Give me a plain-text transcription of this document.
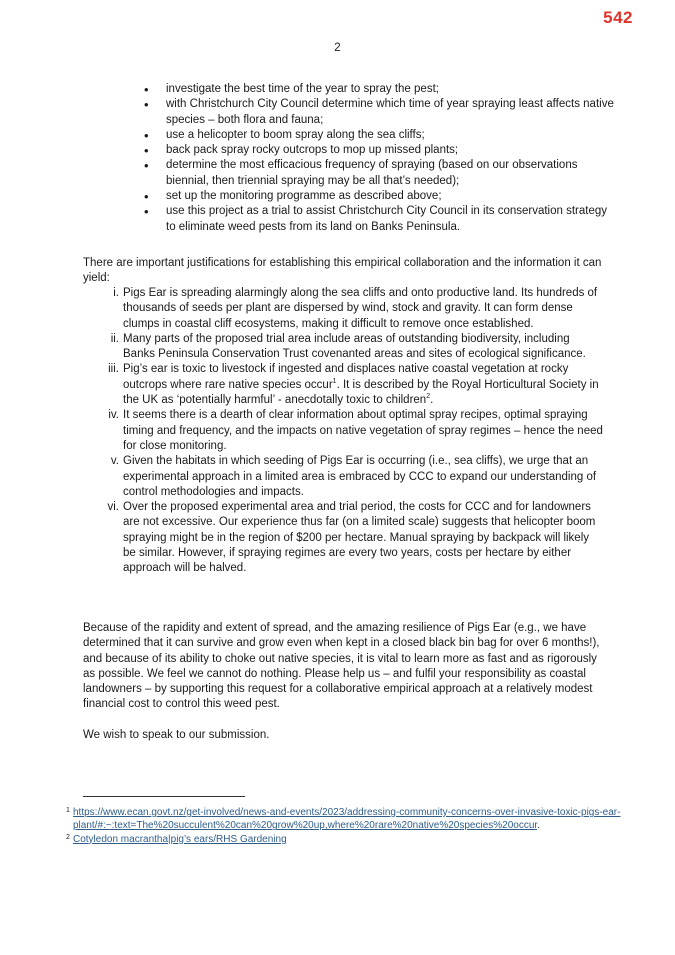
542
2
• investigate the best time of the year to spray the pest;
• with Christchurch City Council determine which time of year spraying least affects native species – both flora and fauna;
• use a helicopter to boom spray along the sea cliffs;
• back pack spray rocky outcrops to mop up missed plants;
• determine the most efficacious frequency of spraying (based on our observations biennial, then triennial spraying may be all that’s needed);
• set up the monitoring programme as described above;
• use this project as a trial to assist Christchurch City Council in its conservation strategy to eliminate weed pests from its land on Banks Peninsula.

There are important justifications for establishing this empirical collaboration and the information it can yield:

i. Pigs Ear is spreading alarmingly along the sea cliffs and onto productive land. Its hundreds of thousands of seeds per plant are dispersed by wind, stock and gravity. It can form dense clumps in coastal cliff ecosystems, making it difficult to remove once established.
ii. Many parts of the proposed trial area include areas of outstanding biodiversity, including Banks Peninsula Conservation Trust covenanted areas and sites of ecological significance.
iii. Pig’s ear is toxic to livestock if ingested and displaces native coastal vegetation at rocky outcrops where rare native species occur$^1$. It is described by the Royal Horticultural Society in the UK as ‘potentially harmful’ - anecdotally toxic to children$^2$.
iv. It seems there is a dearth of clear information about optimal spray recipes, optimal spraying timing and frequency, and the impacts on native vegetation of spray regimes – hence the need for close monitoring.
v. Given the habitats in which seeding of Pigs Ear is occurring (i.e., sea cliffs), we urge that an experimental approach in a limited area is embraced by CCC to expand our understanding of control methodologies and impacts.
vi. Over the proposed experimental area and trial period, the costs for CCC and for landowners are not excessive. Our experience thus far (on a limited scale) suggests that helicopter boom spraying might be in the region of $200 per hectare. Manual spraying by backpack will likely be similar. However, if spraying regimes are every two years, costs per hectare by either approach will be halved.

Because of the rapidity and extent of spread, and the amazing resilience of Pigs Ear (e.g., we have determined that it can survive and grow even when kept in a closed black bin bag for over 6 months!), and because of its ability to choke out native species, it is vital to learn more as fast and as rigorously as possible. We feel we cannot do nothing. Please help us – and fulfil your responsibility as coastal landowners – by supporting this request for a collaborative empirical approach at a relatively modest financial cost to control this weed pest.

We wish to speak to our submission.

1 https://www.ecan.govt.nz/get-involved/news-and-events/2023/addressing-community-concerns-over-invasive-toxic-pigs-ear-plant/#:~:text=The%20succulent%20can%20grow%20up,where%20rare%20native%20species%20occur.
2 Cotyledon macrantha|pig’s ears/RHS Gardening
